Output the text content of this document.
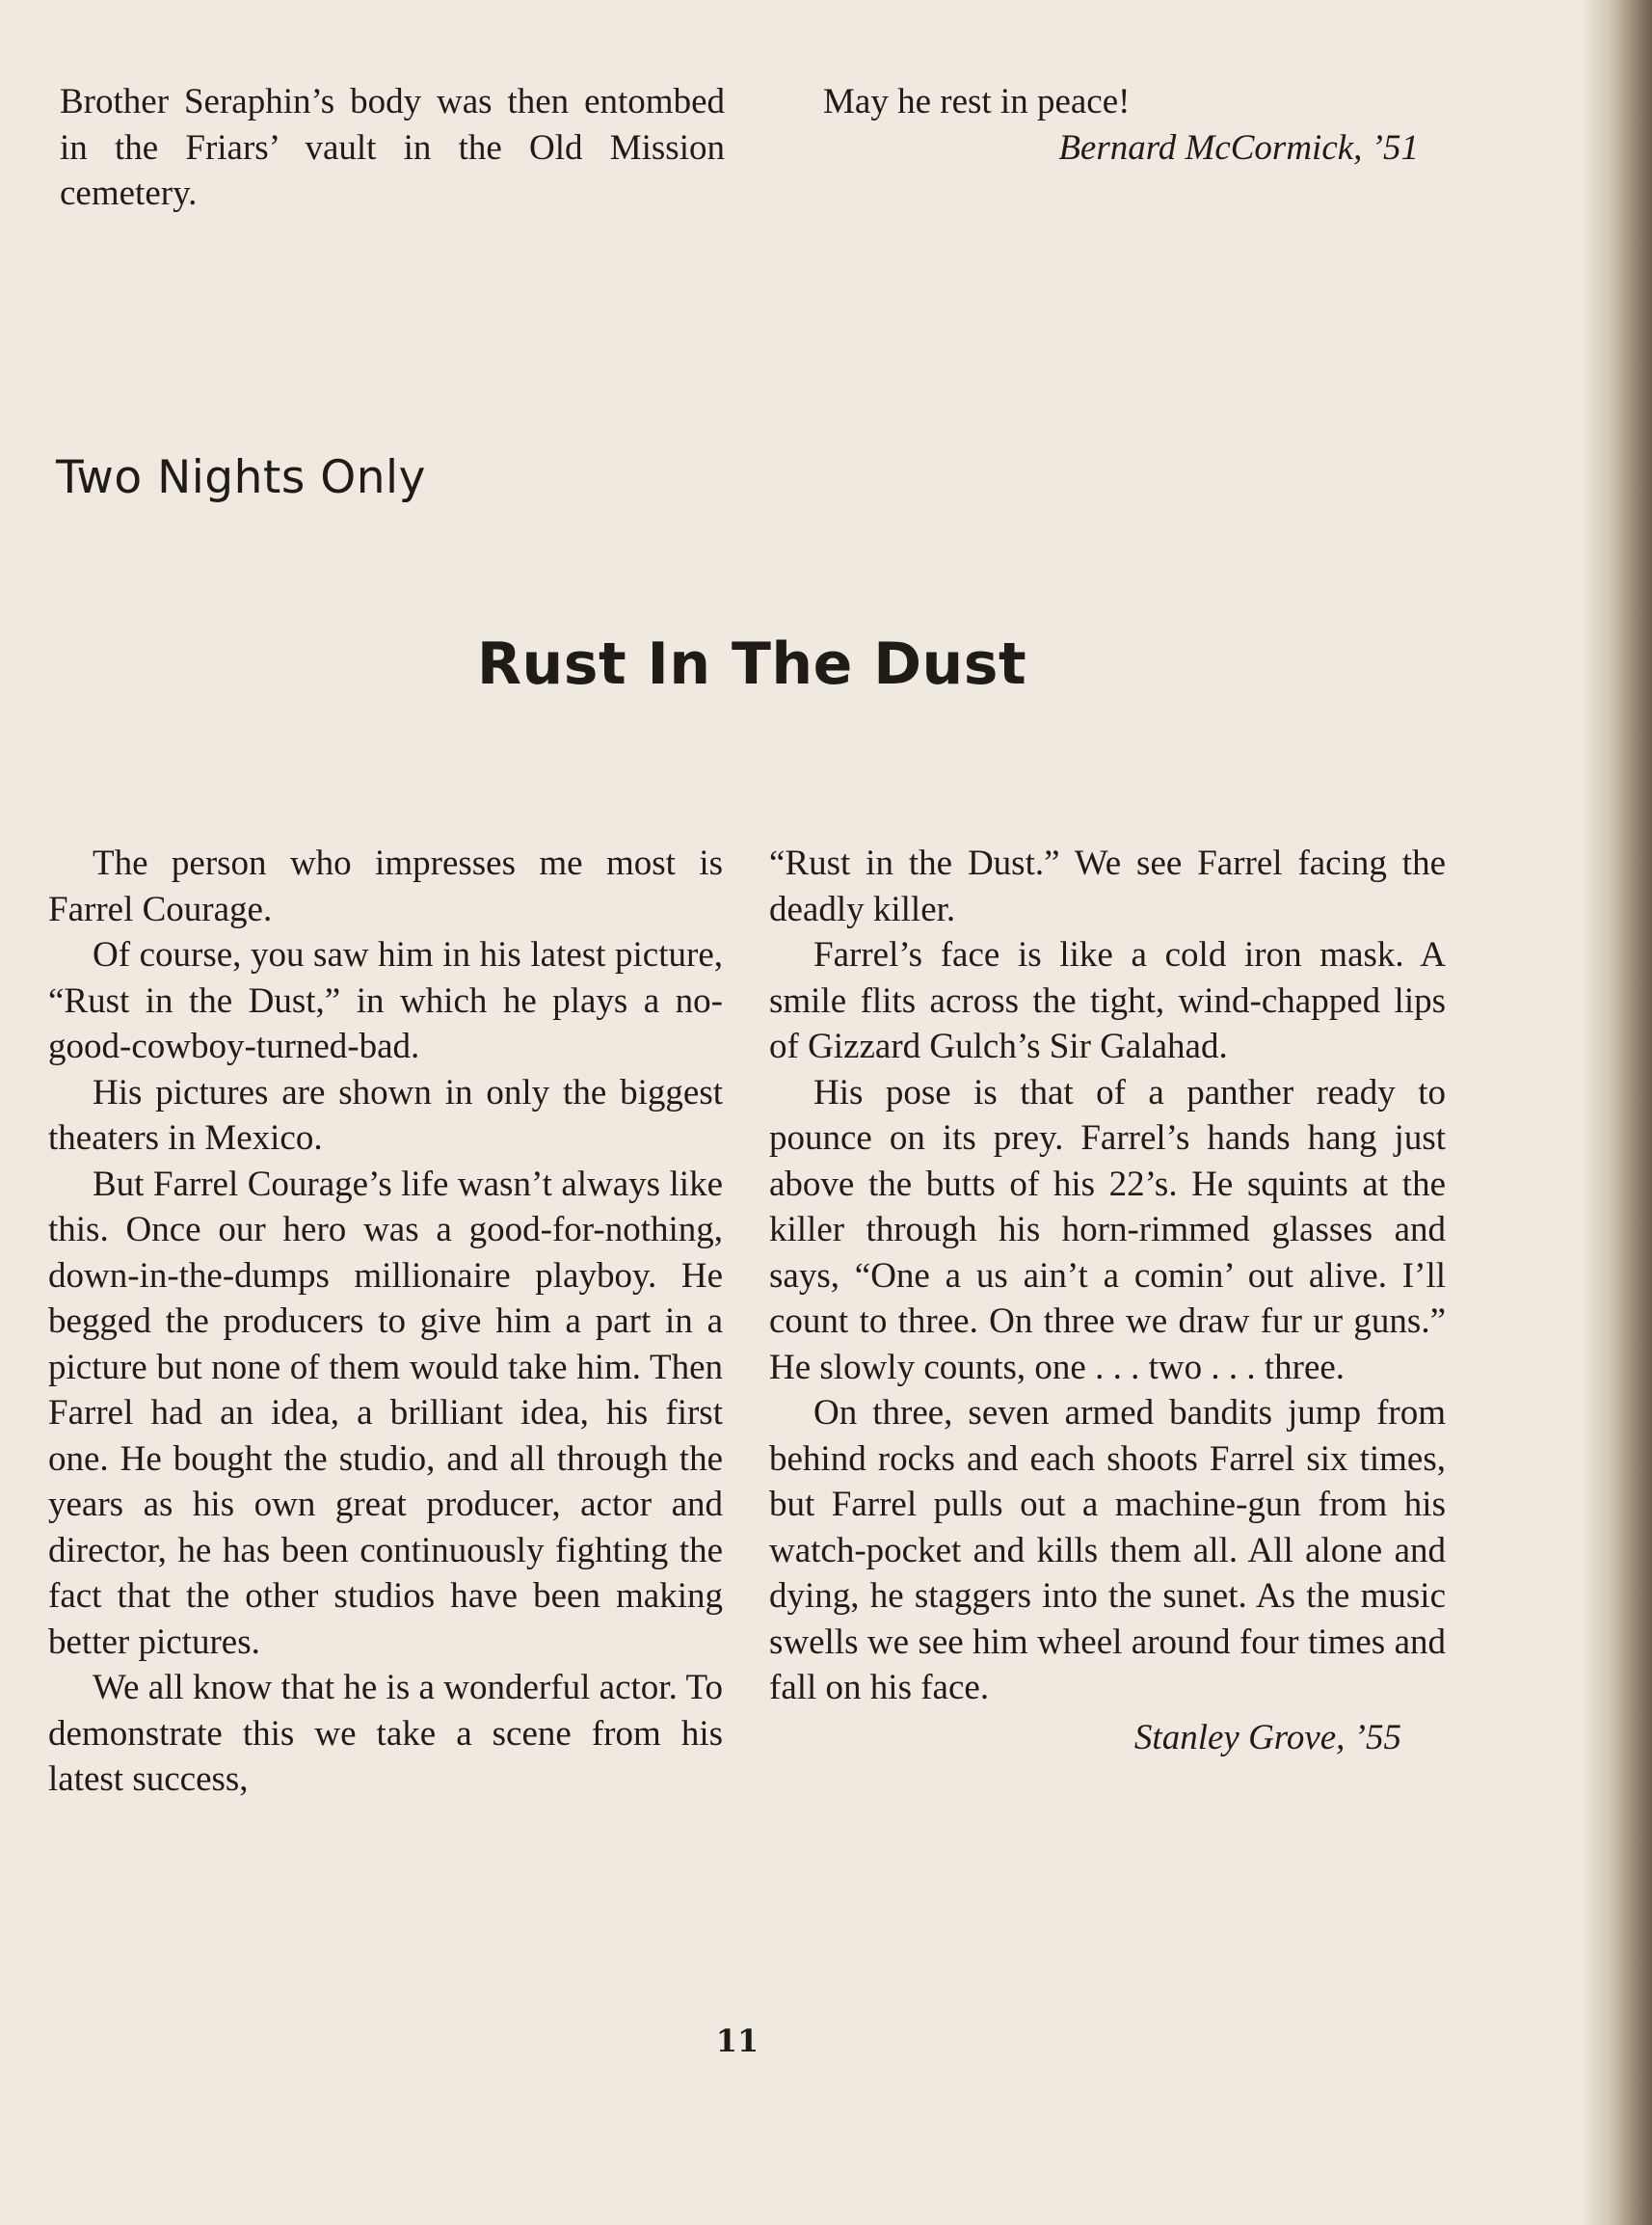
Brother Seraphin’s body was then entombed in the Friars’ vault in the Old Mission cemetery.

May he rest in peace!

Bernard McCormick, ’51

Two Nights Only
Rust In The Dust

The person who impresses me most is Farrel Courage.

Of course, you saw him in his latest picture, “Rust in the Dust,” in which he plays a no-good-cowboy-turned-bad.

His pictures are shown in only the biggest theaters in Mexico.

But Farrel Courage’s life wasn’t always like this. Once our hero was a good-for-nothing, down-in-the-dumps millionaire playboy. He begged the producers to give him a part in a picture but none of them would take him. Then Farrel had an idea, a brilliant idea, his first one. He bought the studio, and all through the years as his own great producer, actor and director, he has been continuously fighting the fact that the other studios have been making better pictures.

We all know that he is a wonderful actor. To demonstrate this we take a scene from his latest success,

“Rust in the Dust.” We see Farrel facing the deadly killer.

Farrel’s face is like a cold iron mask. A smile flits across the tight, wind-chapped lips of Gizzard Gulch’s Sir Galahad.

His pose is that of a panther ready to pounce on its prey. Farrel’s hands hang just above the butts of his 22’s. He squints at the killer through his horn-rimmed glasses and says, “One a us ain’t a comin’ out alive. I’ll count to three. On three we draw fur ur guns.” He slowly counts, one . . . two . . . three.

On three, seven armed bandits jump from behind rocks and each shoots Farrel six times, but Farrel pulls out a machine-gun from his watch-pocket and kills them all. All alone and dying, he staggers into the sunet. As the music swells we see him wheel around four times and fall on his face.

Stanley Grove, ’55

11
